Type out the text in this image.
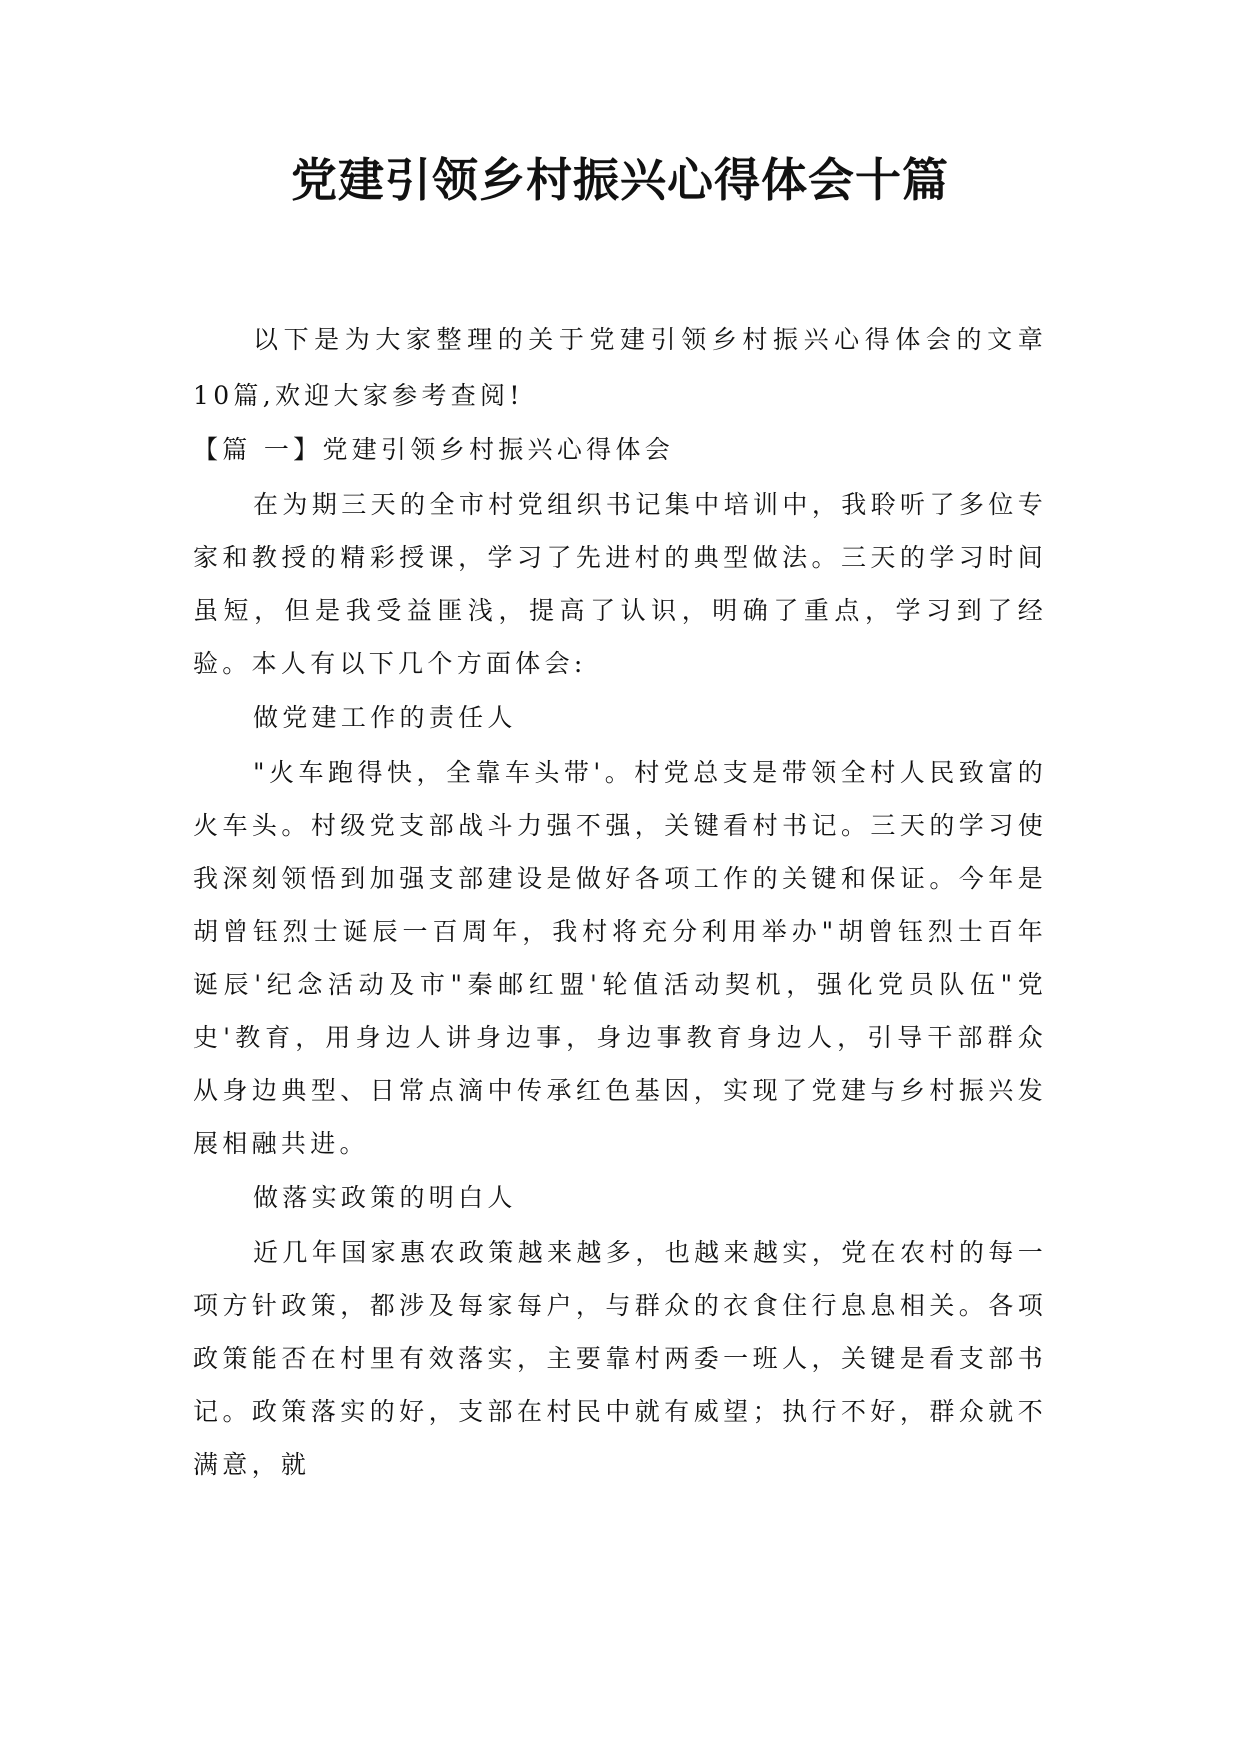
党建引领乡村振兴心得体会十篇

以下是为大家整理的关于党建引领乡村振兴心得体会的文章10篇,欢迎大家参考查阅!

【篇 一】党建引领乡村振兴心得体会

在为期三天的全市村党组织书记集中培训中，我聆听了多位专家和教授的精彩授课，学习了先进村的典型做法。三天的学习时间虽短，但是我受益匪浅，提高了认识，明确了重点，学习到了经验。本人有以下几个方面体会:

做党建工作的责任人

"火车跑得快，全靠车头带'。村党总支是带领全村人民致富的火车头。村级党支部战斗力强不强，关键看村书记。三天的学习使我深刻领悟到加强支部建设是做好各项工作的关键和保证。今年是胡曾钰烈士诞辰一百周年，我村将充分利用举办"胡曾钰烈士百年诞辰'纪念活动及市"秦邮红盟'轮值活动契机，强化党员队伍"党史'教育，用身边人讲身边事，身边事教育身边人，引导干部群众从身边典型、日常点滴中传承红色基因，实现了党建与乡村振兴发展相融共进。

做落实政策的明白人

近几年国家惠农政策越来越多，也越来越实，党在农村的每一项方针政策，都涉及每家每户，与群众的衣食住行息息相关。各项政策能否在村里有效落实，主要靠村两委一班人，关键是看支部书记。政策落实的好，支部在村民中就有威望；执行不好，群众就不满意，就
